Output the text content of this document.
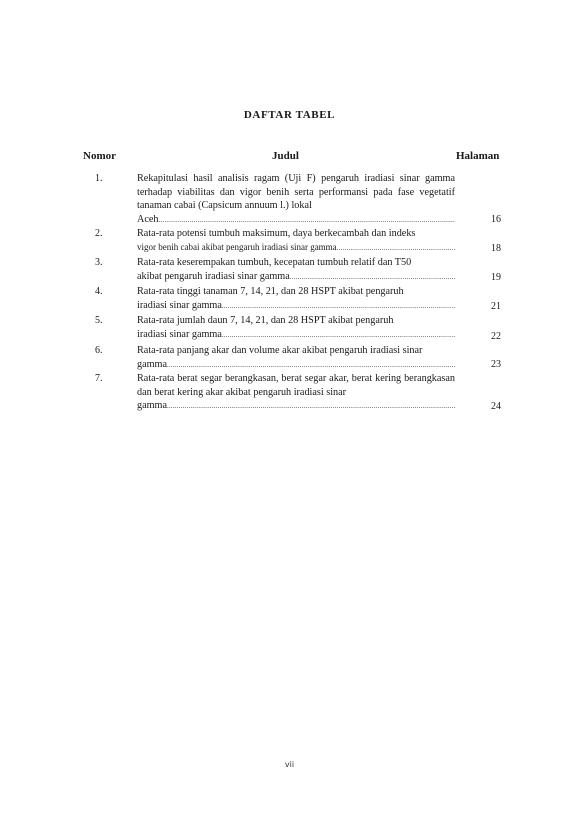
DAFTAR TABEL
Nomor	Judul	Halaman
1.	Rekapitulasi hasil analisis ragam (Uji F) pengaruh iradiasi sinar gamma terhadap viabilitas dan vigor benih serta performansi pada fase vegetatif tanaman cabai (Capsicum annuum l.) lokal
Aceh .....	16
2.	Rata-rata potensi tumbuh maksimum, daya berkecambah dan indeks
vigor benih cabai akibat pengaruh iradiasi sinar gamma .....	18
3.	Rata-rata keserempakan tumbuh, kecepatan tumbuh relatif dan T50
akibat pengaruh iradiasi sinar gamma .....	19
4.	Rata-rata tinggi tanaman 7, 14, 21, dan 28 HSPT akibat pengaruh
iradiasi sinar gamma .....	21
5.	Rata-rata jumlah daun 7, 14, 21, dan 28 HSPT akibat pengaruh
iradiasi sinar gamma .....	22
6.	Rata-rata panjang akar dan volume akar akibat pengaruh iradiasi sinar
gamma .....	23
7.	Rata-rata berat segar berangkasan, berat segar akar, berat kering berangkasan dan berat kering akar akibat pengaruh iradiasi sinar
gamma .....	24
vii
